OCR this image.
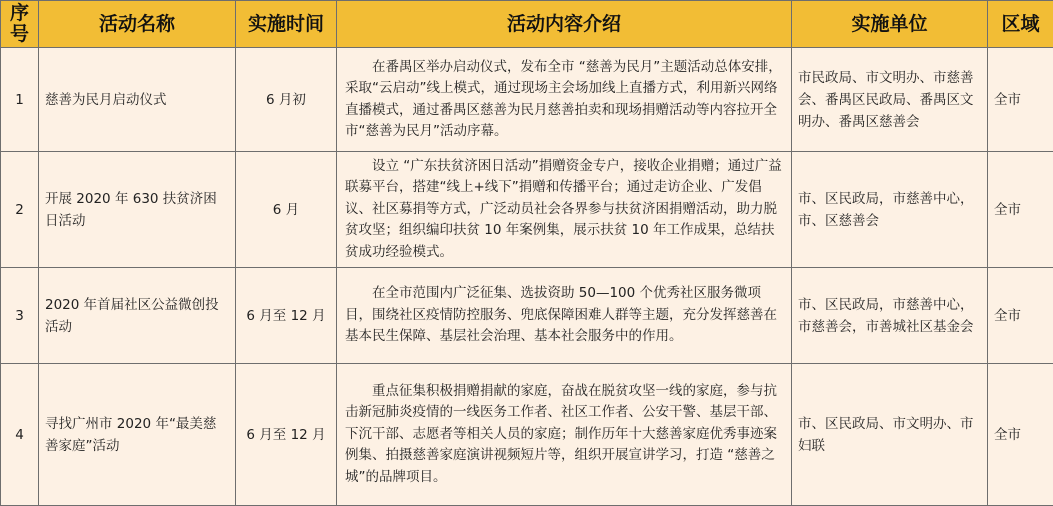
序号	活动名称	实施时间	活动内容介绍	实施单位	区域
1	慈善为民月启动仪式	6 月初	在番禺区举办启动仪式，发布全市 “慈善为民月”主题活动总体安排，采取“云启动”线上模式，通过现场主会场加线上直播方式，利用新兴网络直播模式，通过番禺区慈善为民月慈善拍卖和现场捐赠活动等内容拉开全市“慈善为民月”活动序幕。	市民政局、市文明办、市慈善会、番禺区民政局、番禺区文明办、番禺区慈善会	全市
2	开展 2020 年 630 扶贫济困日活动	6 月	设立 “广东扶贫济困日活动”捐赠资金专户，接收企业捐赠；通过广益联募平台，搭建“线上+线下”捐赠和传播平台；通过走访企业、广发倡议、社区募捐等方式，广泛动员社会各界参与扶贫济困捐赠活动，助力脱贫攻坚；组织编印扶贫 10 年案例集，展示扶贫 10 年工作成果，总结扶贫成功经验模式。	市、区民政局，市慈善中心，市、区慈善会	全市
3	2020 年首届社区公益微创投活动	6 月至 12 月	在全市范围内广泛征集、选拔资助 50—100 个优秀社区服务微项目，围绕社区疫情防控服务、兜底保障困难人群等主题，充分发挥慈善在基本民生保障、基层社会治理、基本社会服务中的作用。	市、区民政局，市慈善中心，市慈善会，市善城社区基金会	全市
4	寻找广州市 2020 年“最美慈善家庭”活动	6 月至 12 月	重点征集积极捐赠捐献的家庭，奋战在脱贫攻坚一线的家庭，参与抗击新冠肺炎疫情的一线医务工作者、社区工作者、公安干警、基层干部、下沉干部、志愿者等相关人员的家庭；制作历年十大慈善家庭优秀事迹案例集、拍摄慈善家庭演讲视频短片等，组织开展宣讲学习，打造 “慈善之城”的品牌项目。	市、区民政局、市文明办、市妇联	全市
